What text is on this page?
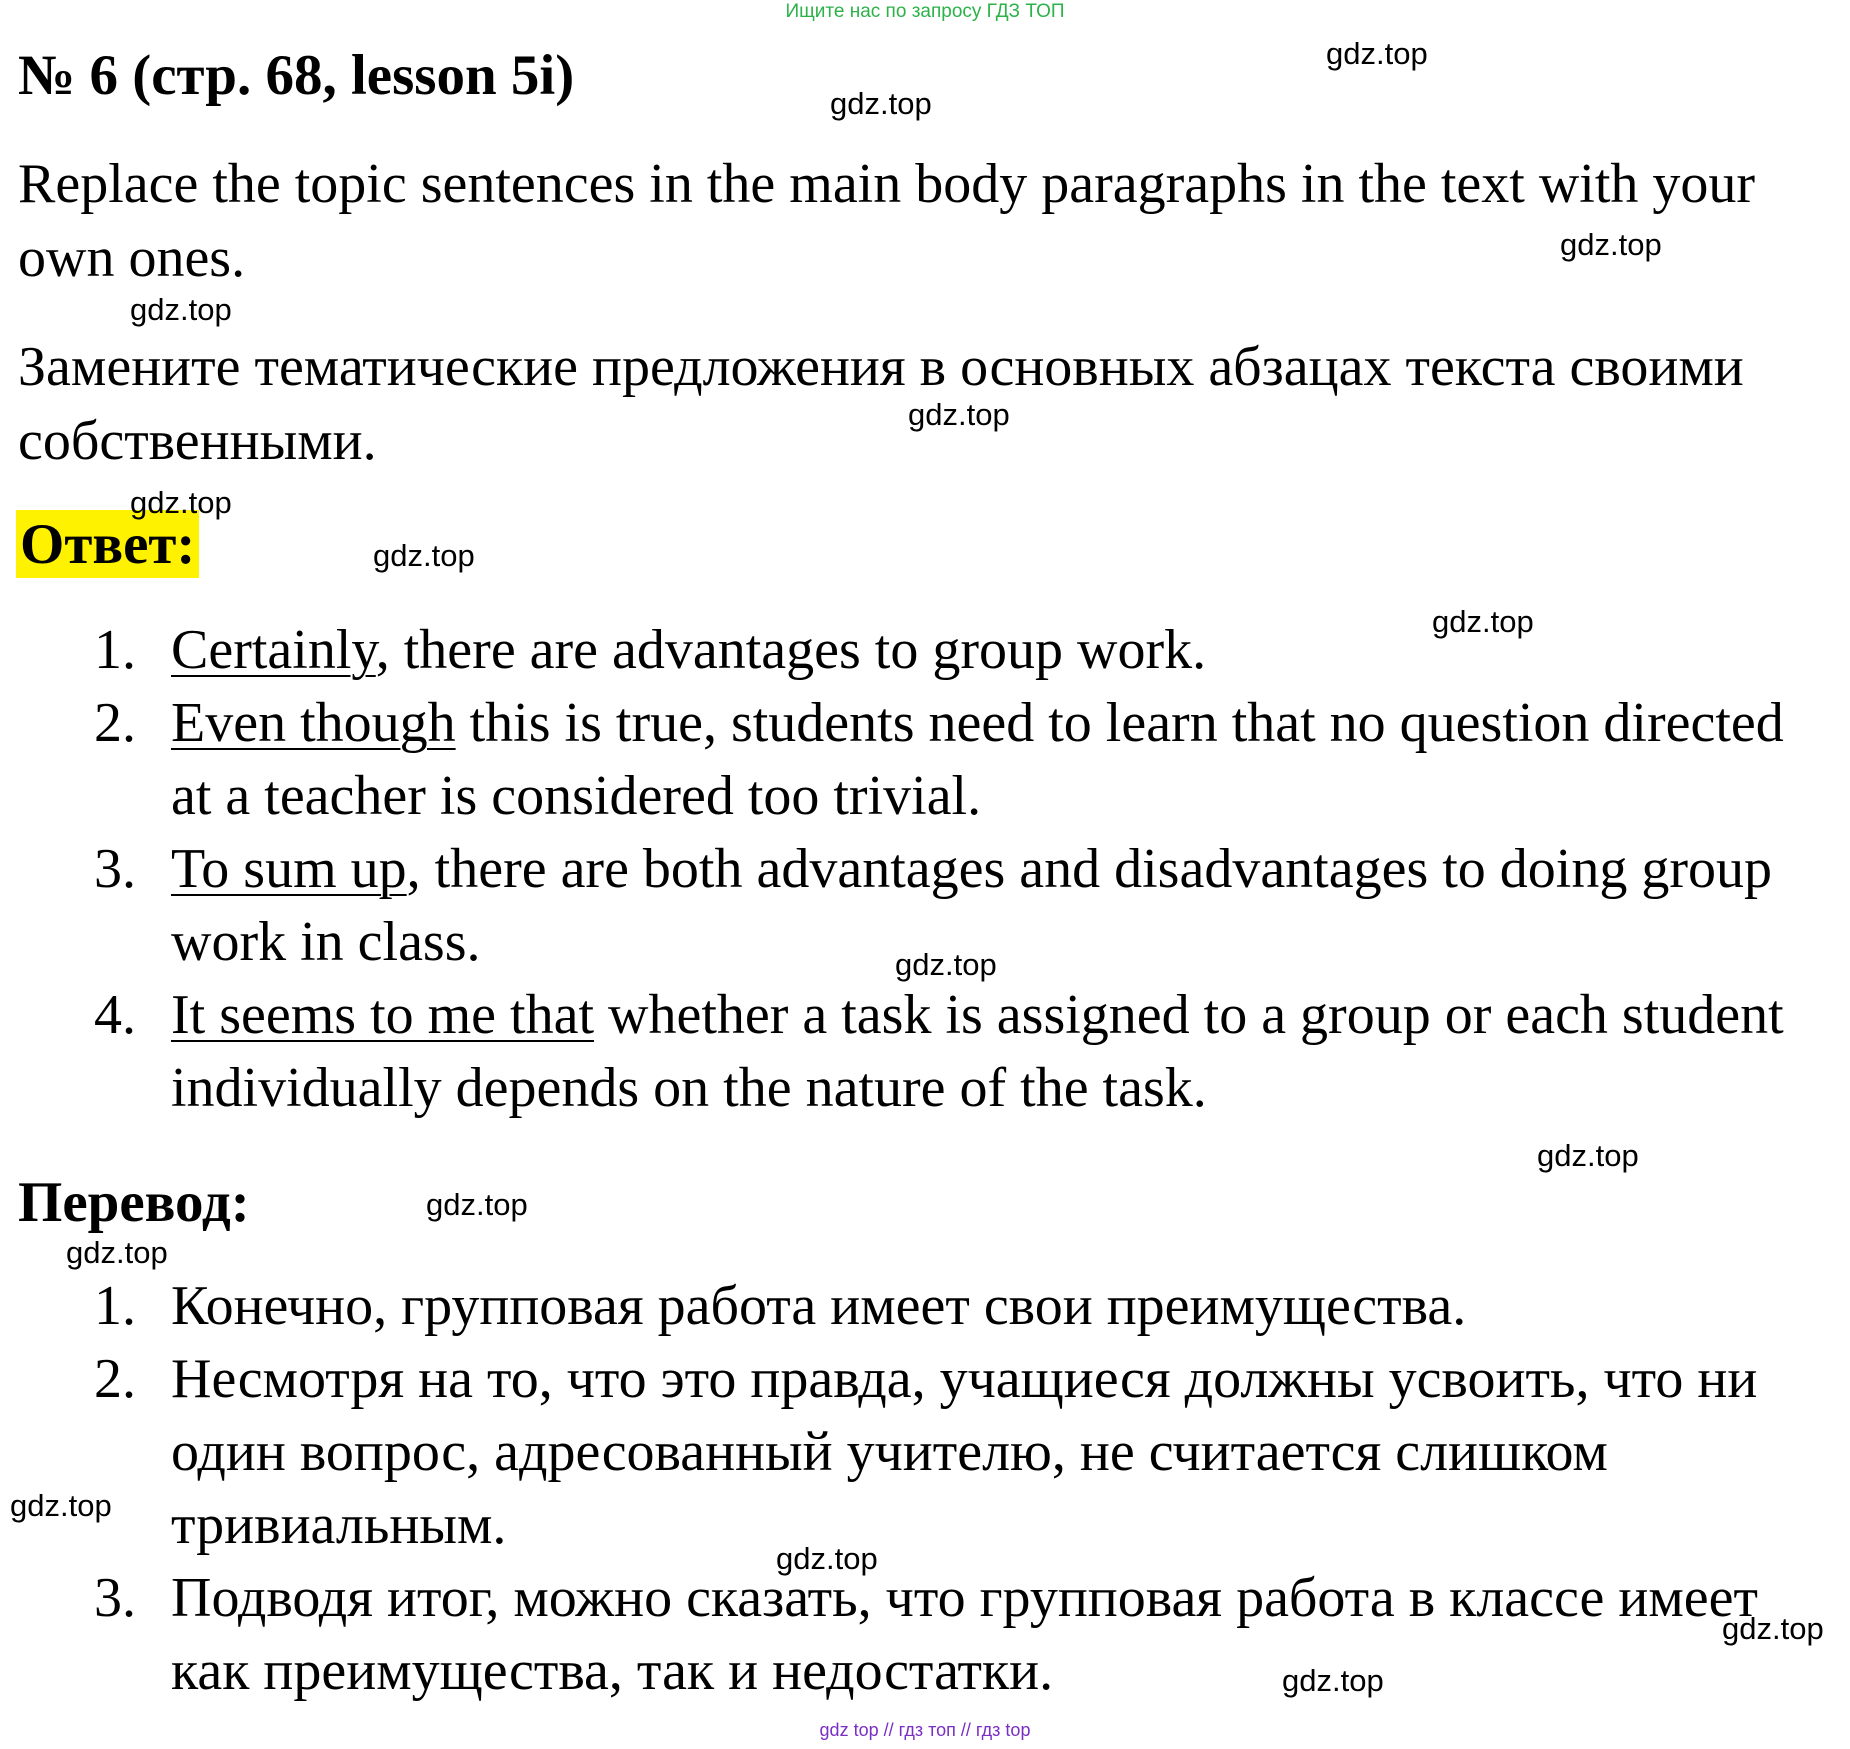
Ищите нас по запросу ГДЗ ТОП
№ 6 (стр. 68, lesson 5i)

Replace the topic sentences in the main body paragraphs in the text with your own ones.

Замените тематические предложения в основных абзацах текста своими собственными.

Ответ:
1. Certainly, there are advantages to group work.
2. Even though this is true, students need to learn that no question directed at a teacher is considered too trivial.
3. To sum up, there are both advantages and disadvantages to doing group work in class.
4. It seems to me that whether a task is assigned to a group or each student individually depends on the nature of the task.
Перевод:
1. Конечно, групповая работа имеет свои преимущества.
2. Несмотря на то, что это правда, учащиеся должны усвоить, что ни один вопрос, адресованный учителю, не считается слишком тривиальным.
3. Подводя итог, можно сказать, что групповая работа в классе имеет как преимущества, так и недостатки.
gdz.top
gdz.top
gdz.top
gdz.top
gdz.top
gdz.top
gdz.top
gdz.top
gdz.top
gdz.top
gdz.top
gdz.top
gdz.top
gdz.top
gdz.top
gdz.top
gdz top // гдз топ // гдз top
